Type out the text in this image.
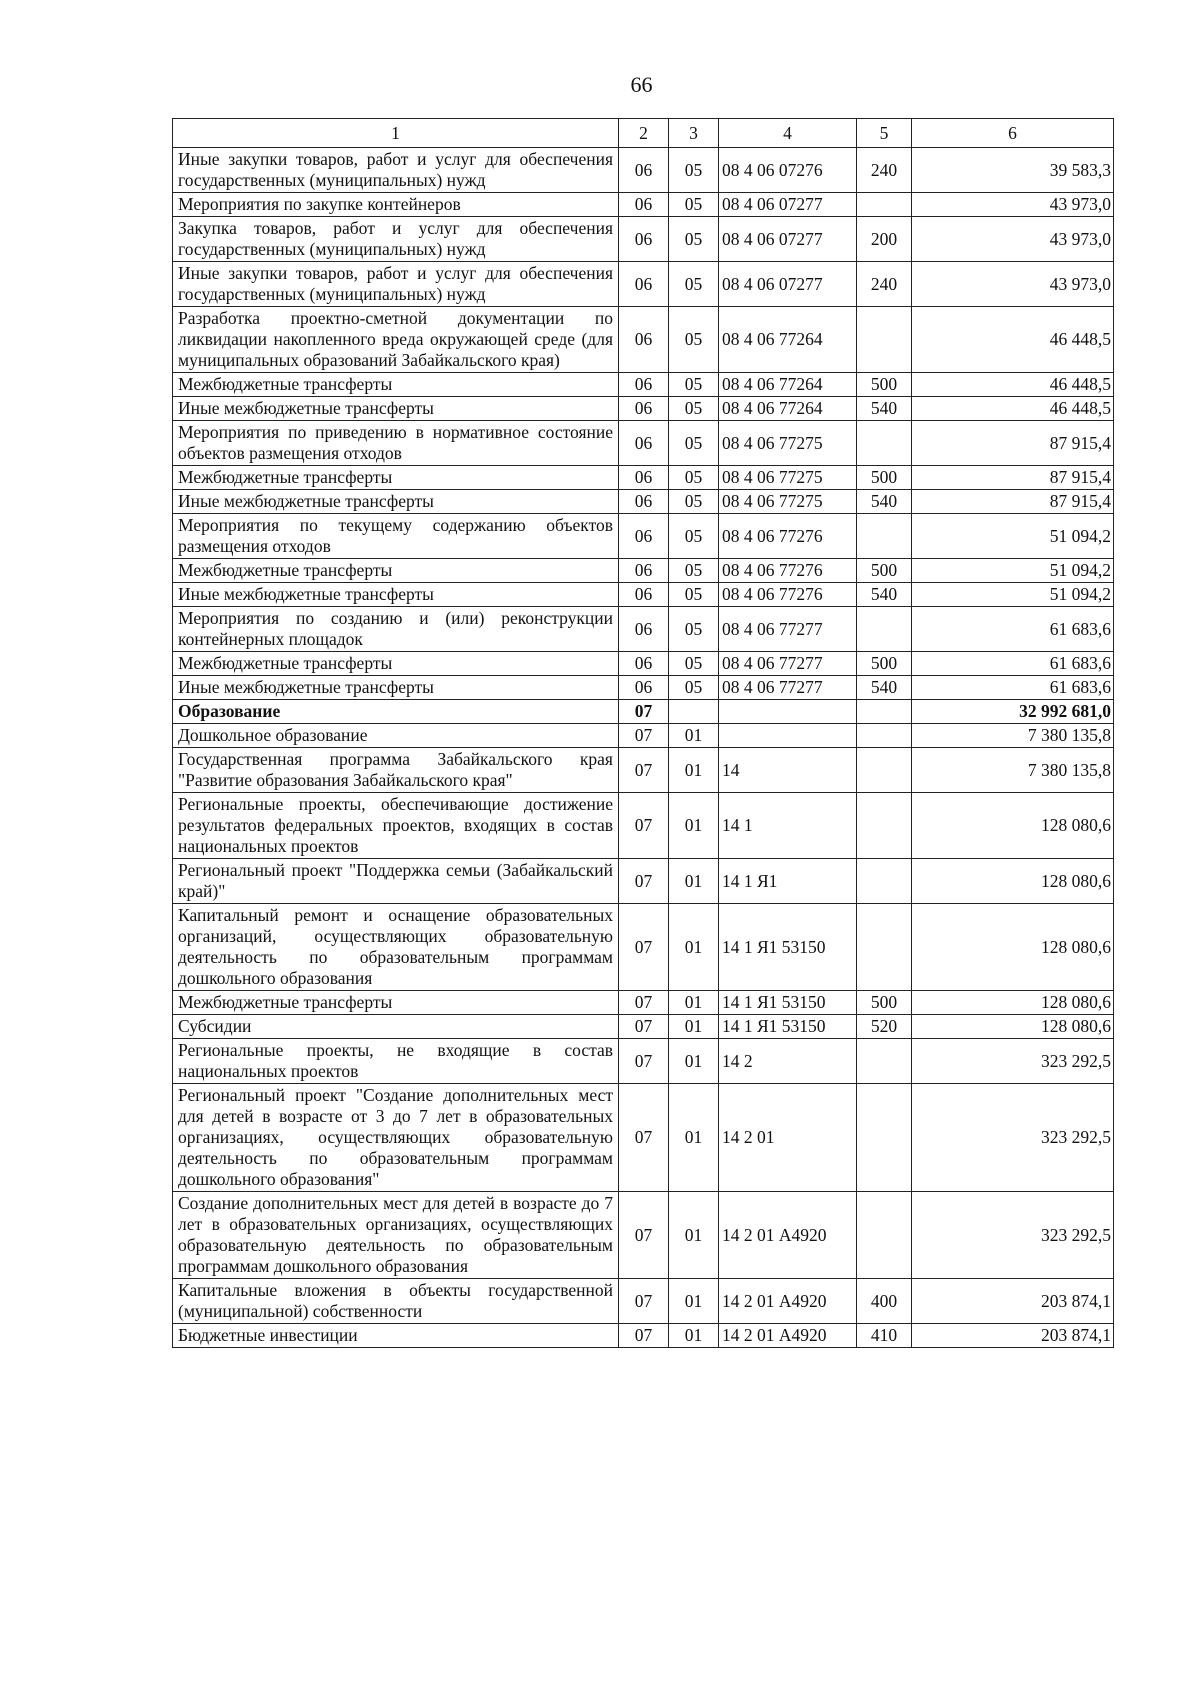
66
1	2	3	4	5	6
Иные закупки товаров, работ и услуг для обеспечения государственных (муниципальных) нужд	06	05	08 4 06 07276	240	39 583,3
Мероприятия по закупке контейнеров	06	05	08 4 06 07277		43 973,0
Закупка товаров, работ и услуг для обеспечения государственных (муниципальных) нужд	06	05	08 4 06 07277	200	43 973,0
Иные закупки товаров, работ и услуг для обеспечения государственных (муниципальных) нужд	06	05	08 4 06 07277	240	43 973,0
Разработка проектно-сметной документации по ликвидации накопленного вреда окружающей среде (для муниципальных образований Забайкальского края)	06	05	08 4 06 77264		46 448,5
Межбюджетные трансферты	06	05	08 4 06 77264	500	46 448,5
Иные межбюджетные трансферты	06	05	08 4 06 77264	540	46 448,5
Мероприятия по приведению в нормативное состояние объектов размещения отходов	06	05	08 4 06 77275		87 915,4
Межбюджетные трансферты	06	05	08 4 06 77275	500	87 915,4
Иные межбюджетные трансферты	06	05	08 4 06 77275	540	87 915,4
Мероприятия по текущему содержанию объектов размещения отходов	06	05	08 4 06 77276		51 094,2
Межбюджетные трансферты	06	05	08 4 06 77276	500	51 094,2
Иные межбюджетные трансферты	06	05	08 4 06 77276	540	51 094,2
Мероприятия по созданию и (или) реконструкции контейнерных площадок	06	05	08 4 06 77277		61 683,6
Межбюджетные трансферты	06	05	08 4 06 77277	500	61 683,6
Иные межбюджетные трансферты	06	05	08 4 06 77277	540	61 683,6
Образование	07				32 992 681,0
Дошкольное образование	07	01			7 380 135,8
Государственная программа Забайкальского края "Развитие образования Забайкальского края"	07	01	14		7 380 135,8
Региональные проекты, обеспечивающие достижение результатов федеральных проектов, входящих в состав национальных проектов	07	01	14 1		128 080,6
Региональный проект "Поддержка семьи (Забайкальский край)"	07	01	14 1 Я1		128 080,6
Капитальный ремонт и оснащение образовательных организаций, осуществляющих образовательную деятельность по образовательным программам дошкольного образования	07	01	14 1 Я1 53150		128 080,6
Межбюджетные трансферты	07	01	14 1 Я1 53150	500	128 080,6
Субсидии	07	01	14 1 Я1 53150	520	128 080,6
Региональные проекты, не входящие в состав национальных проектов	07	01	14 2		323 292,5
Региональный проект "Создание дополнительных мест для детей в возрасте от 3 до 7 лет в образовательных организациях, осуществляющих образовательную деятельность по образовательным программам дошкольного образования"	07	01	14 2 01		323 292,5
Создание дополнительных мест для детей в возрасте до 7 лет в образовательных организациях, осуществляющих образовательную деятельность по образовательным программам дошкольного образования	07	01	14 2 01 А4920		323 292,5
Капитальные вложения в объекты государственной (муниципальной) собственности	07	01	14 2 01 А4920	400	203 874,1
Бюджетные инвестиции	07	01	14 2 01 А4920	410	203 874,1
